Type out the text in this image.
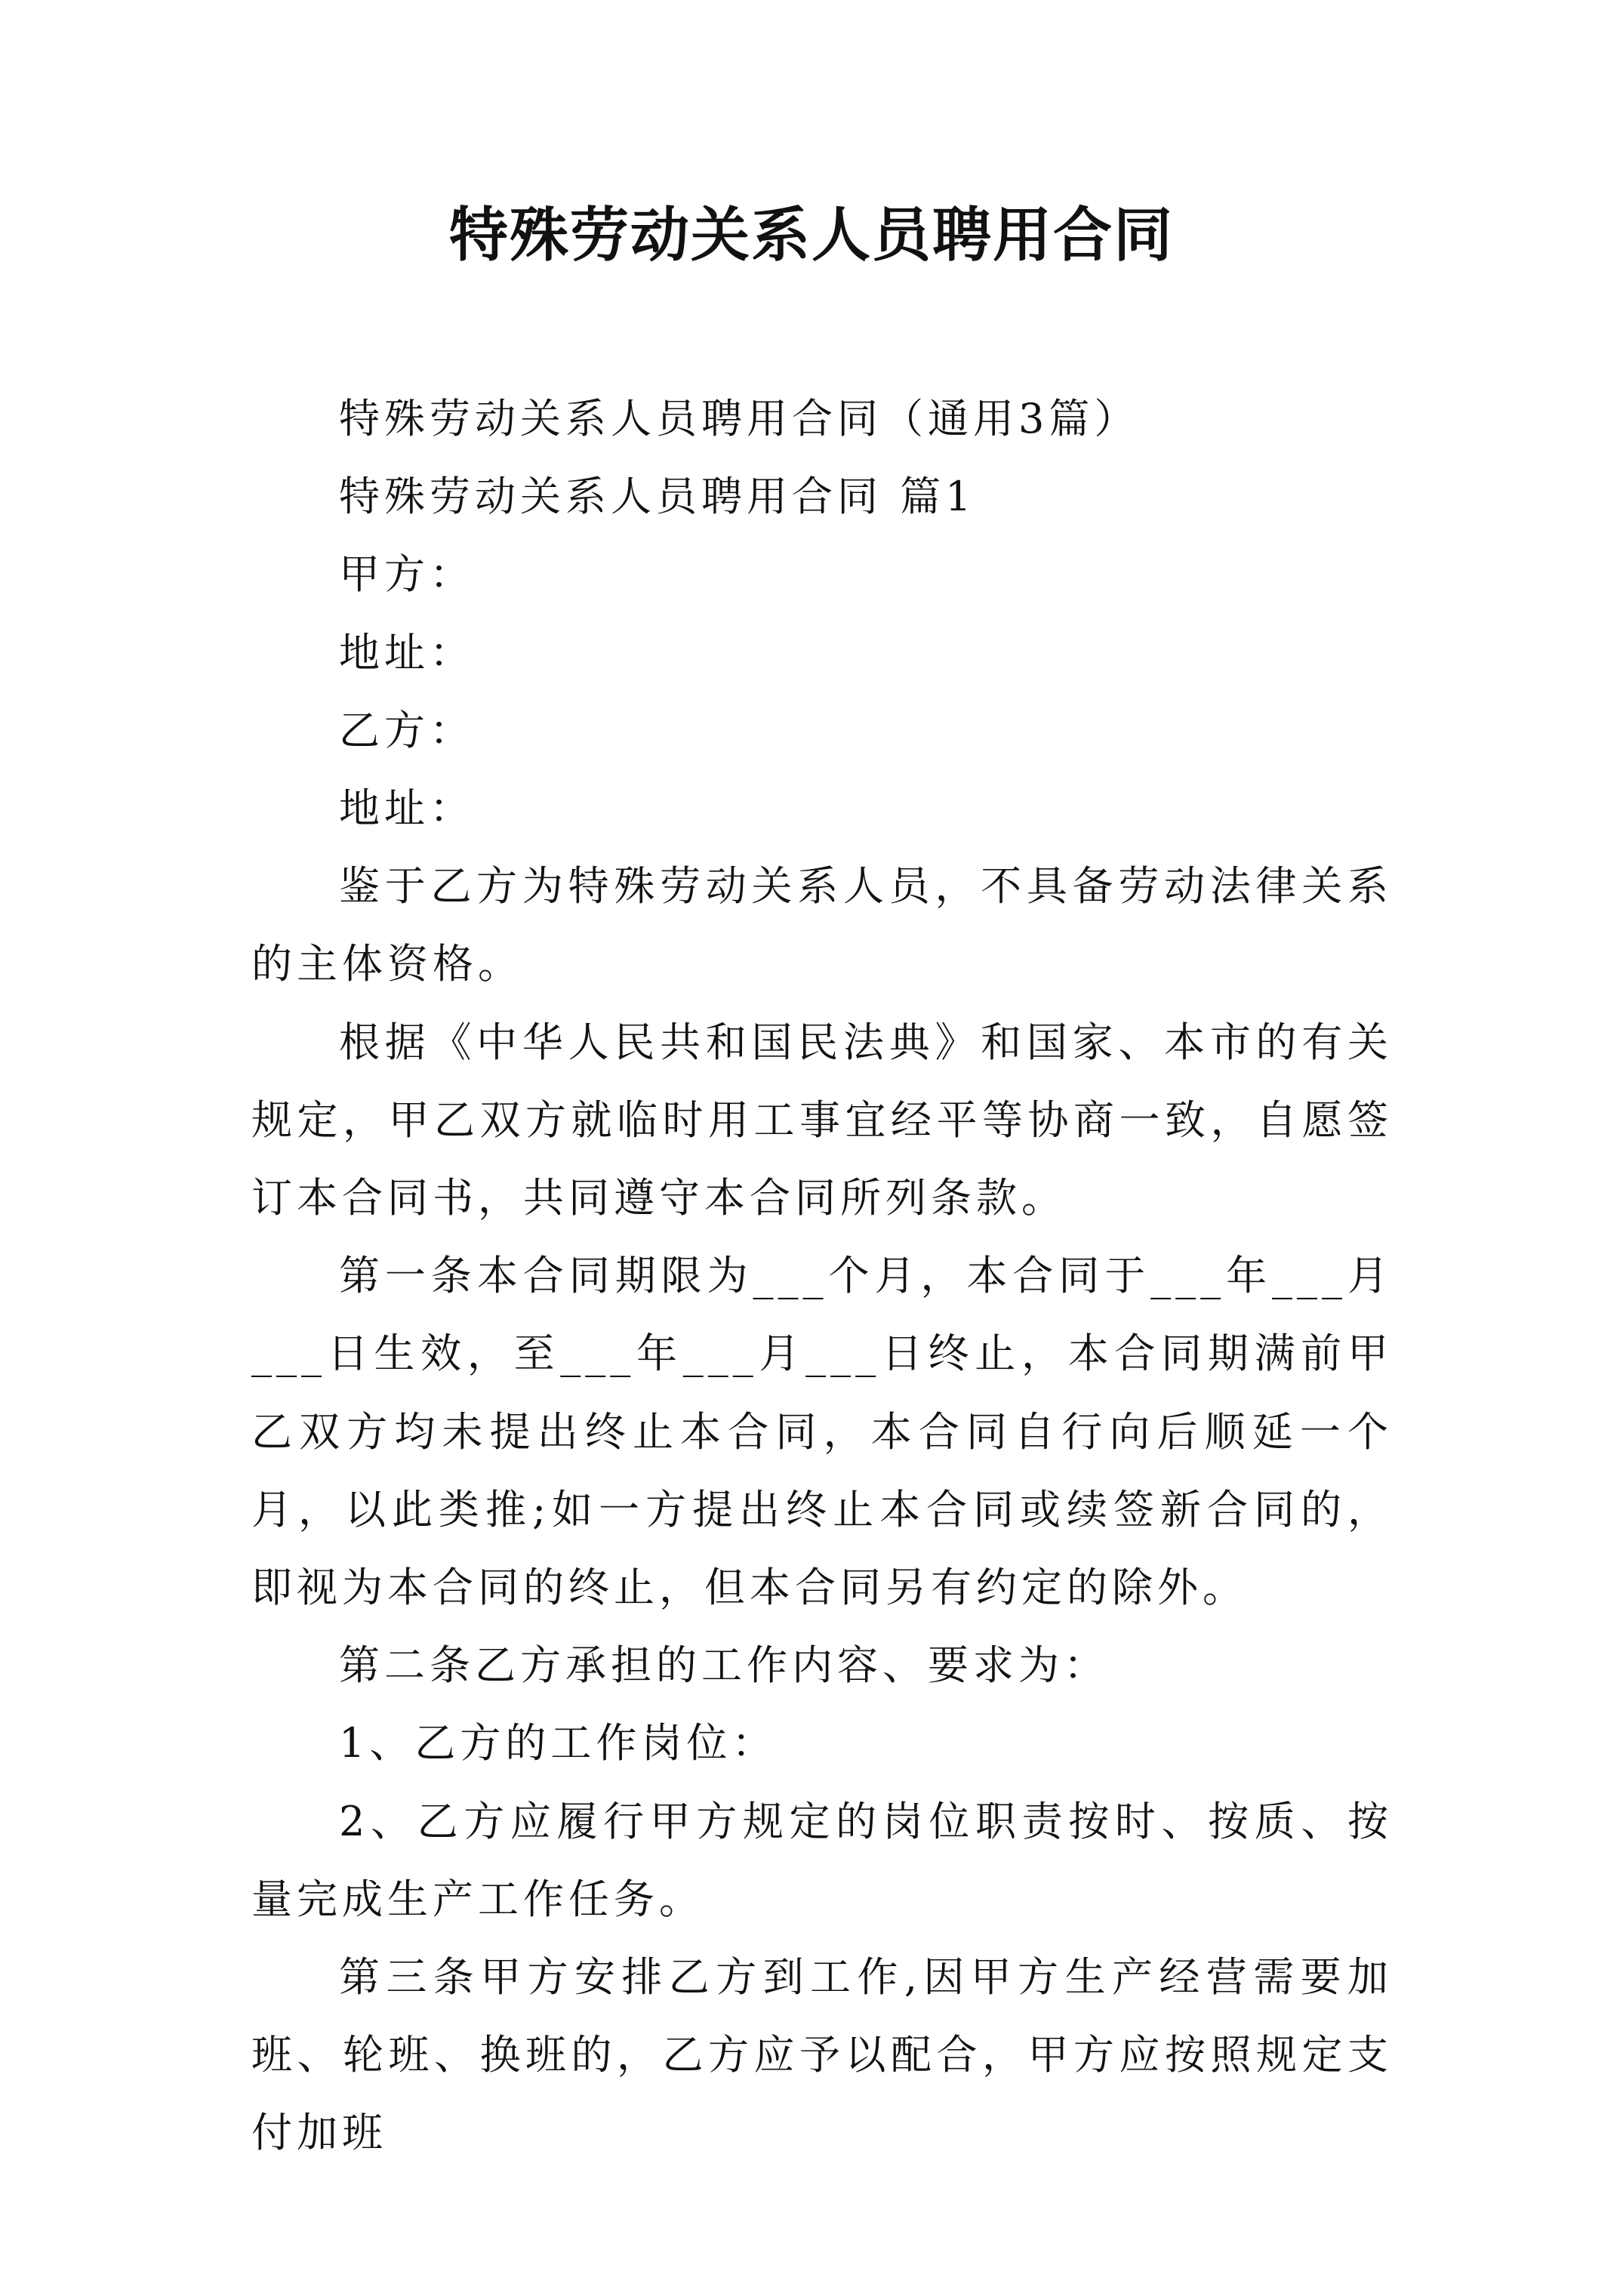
特殊劳动关系人员聘用合同

特殊劳动关系人员聘用合同（通用3篇）

特殊劳动关系人员聘用合同 篇1

甲方：

地址：

乙方：

地址：

鉴于乙方为特殊劳动关系人员，不具备劳动法律关系的主体资格。

根据《中华人民共和国民法典》和国家、本市的有关规定，甲乙双方就临时用工事宜经平等协商一致，自愿签订本合同书，共同遵守本合同所列条款。

第一条本合同期限为___个月，本合同于___年___月___日生效，至___年___月___日终止，本合同期满前甲乙双方均未提出终止本合同，本合同自行向后顺延一个月，以此类推;如一方提出终止本合同或续签新合同的，即视为本合同的终止，但本合同另有约定的除外。

第二条乙方承担的工作内容、要求为：

1、乙方的工作岗位：

2、乙方应履行甲方规定的岗位职责按时、按质、按量完成生产工作任务。

第三条甲方安排乙方到工作,因甲方生产经营需要加班、轮班、换班的，乙方应予以配合，甲方应按照规定支付加班
